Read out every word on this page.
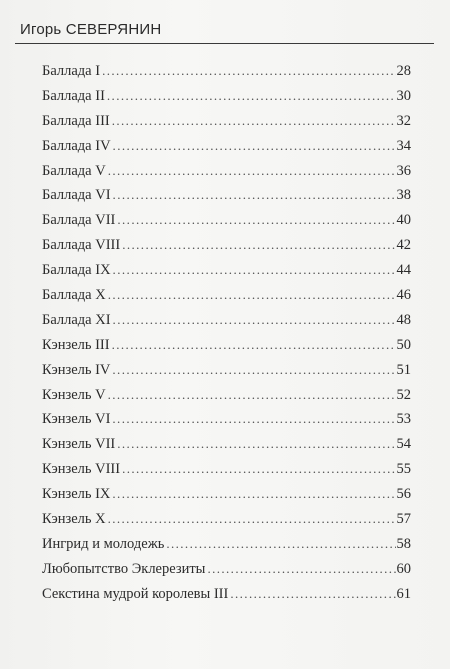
Игорь СЕВЕРЯНИН
Баллада I .....	28
Баллада II .....	30
Баллада III .....	32
Баллада IV .....	34
Баллада V .....	36
Баллада VI .....	38
Баллада VII .....	40
Баллада VIII .....	42
Баллада IX .....	44
Баллада X .....	46
Баллада XI .....	48
Кэнзель III .....	50
Кэнзель IV .....	51
Кэнзель V .....	52
Кэнзель VI .....	53
Кэнзель VII .....	54
Кэнзель VIII .....	55
Кэнзель IX .....	56
Кэнзель X .....	57
Ингрид и молодежь .....	58
Любопытство Эклерезиты .....	60
Секстина мудрой королевы III .....	61
